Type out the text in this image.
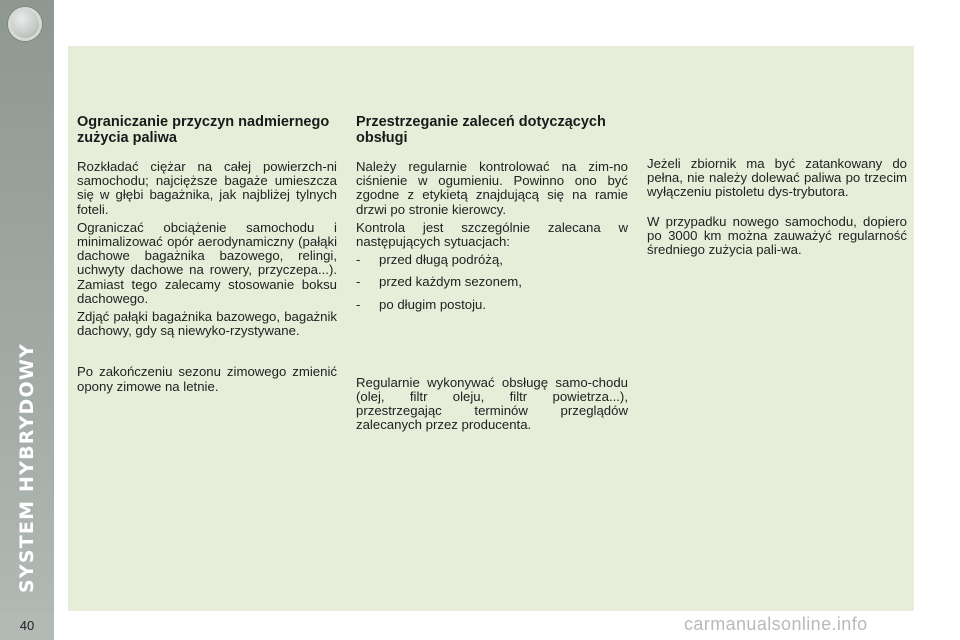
SYSTEM HYBRYDOWY
40
Ograniczanie przyczyn nadmiernego zużycia paliwa

Rozkładać ciężar na całej powierzch-ni samochodu; najcięższe bagaże umieszcza się w głębi bagażnika, jak najbliżej tylnych foteli.

Ograniczać obciążenie samochodu i minimalizować opór aerodynamiczny (pałąki dachowe bagażnika bazowego, relingi, uchwyty dachowe na rowery, przyczepa...). Zamiast tego zalecamy stosowanie boksu dachowego.

Zdjąć pałąki bagażnika bazowego, bagażnik dachowy, gdy są niewyko-rzystywane.

Po zakończeniu sezonu zimowego zmienić opony zimowe na letnie.

Przestrzeganie zaleceń dotyczących obsługi

Należy regularnie kontrolować na zim-no ciśnienie w ogumieniu. Powinno ono być zgodne z etykietą znajdującą się na ramie drzwi po stronie kierowcy.

Kontrola jest szczególnie zalecana w następujących sytuacjach:

- przed długą podróżą,
- przed każdym sezonem,
- po długim postoju.

Regularnie wykonywać obsługę samo-chodu (olej, filtr oleju, filtr powietrza...), przestrzegając terminów przeglądów zalecanych przez producenta.

Jeżeli zbiornik ma być zatankowany do pełna, nie należy dolewać paliwa po trzecim wyłączeniu pistoletu dys-trybutora.

W przypadku nowego samochodu, dopiero po 3000 km można zauważyć regularność średniego zużycia pali-wa.

carmanualsonline.info
